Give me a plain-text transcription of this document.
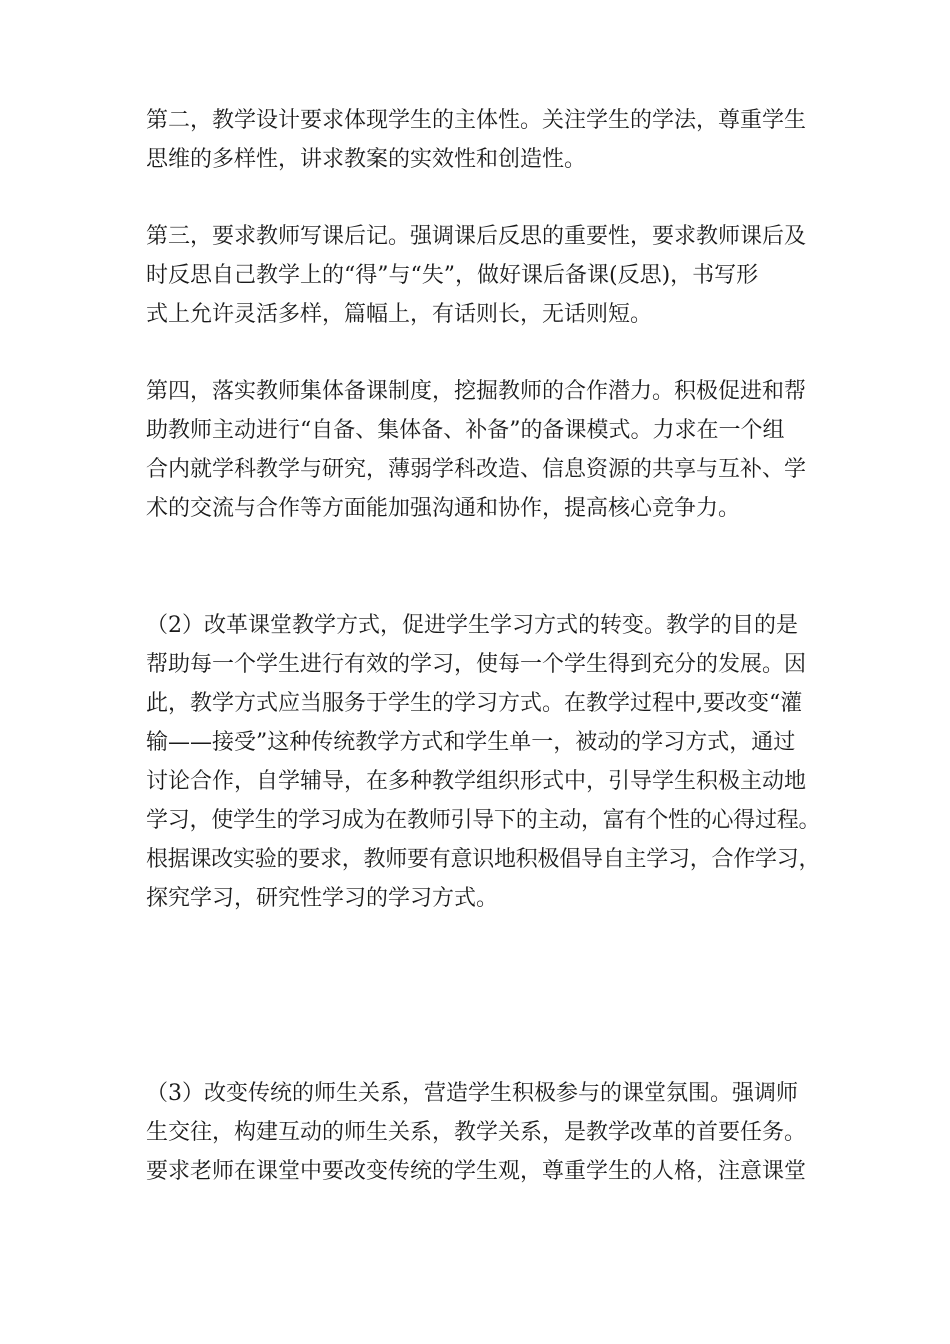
第二，教学设计要求体现学生的主体性。关注学生的学法，尊重学生
思维的多样性，讲求教案的实效性和创造性。

第三，要求教师写课后记。强调课后反思的重要性，要求教师课后及
时反思自己教学上的“得”与“失”，做好课后备课(反思)，书写形
式上允许灵活多样，篇幅上，有话则长，无话则短。

第四，落实教师集体备课制度，挖掘教师的合作潜力。积极促进和帮
助教师主动进行“自备、集体备、补备”的备课模式。力求在一个组
合内就学科教学与研究，薄弱学科改造、信息资源的共享与互补、学
术的交流与合作等方面能加强沟通和协作，提高核心竞争力。

（2）改革课堂教学方式，促进学生学习方式的转变。教学的目的是
帮助每一个学生进行有效的学习，使每一个学生得到充分的发展。因
此，教学方式应当服务于学生的学习方式。在教学过程中,要改变“灌
输——接受”这种传统教学方式和学生单一，被动的学习方式，通过
讨论合作，自学辅导，在多种教学组织形式中，引导学生积极主动地
学习，使学生的学习成为在教师引导下的主动，富有个性的心得过程。
根据课改实验的要求，教师要有意识地积极倡导自主学习，合作学习，
探究学习，研究性学习的学习方式。

（3）改变传统的师生关系，营造学生积极参与的课堂氛围。强调师
生交往，构建互动的师生关系，教学关系，是教学改革的首要任务。
要求老师在课堂中要改变传统的学生观，尊重学生的人格，注意课堂
